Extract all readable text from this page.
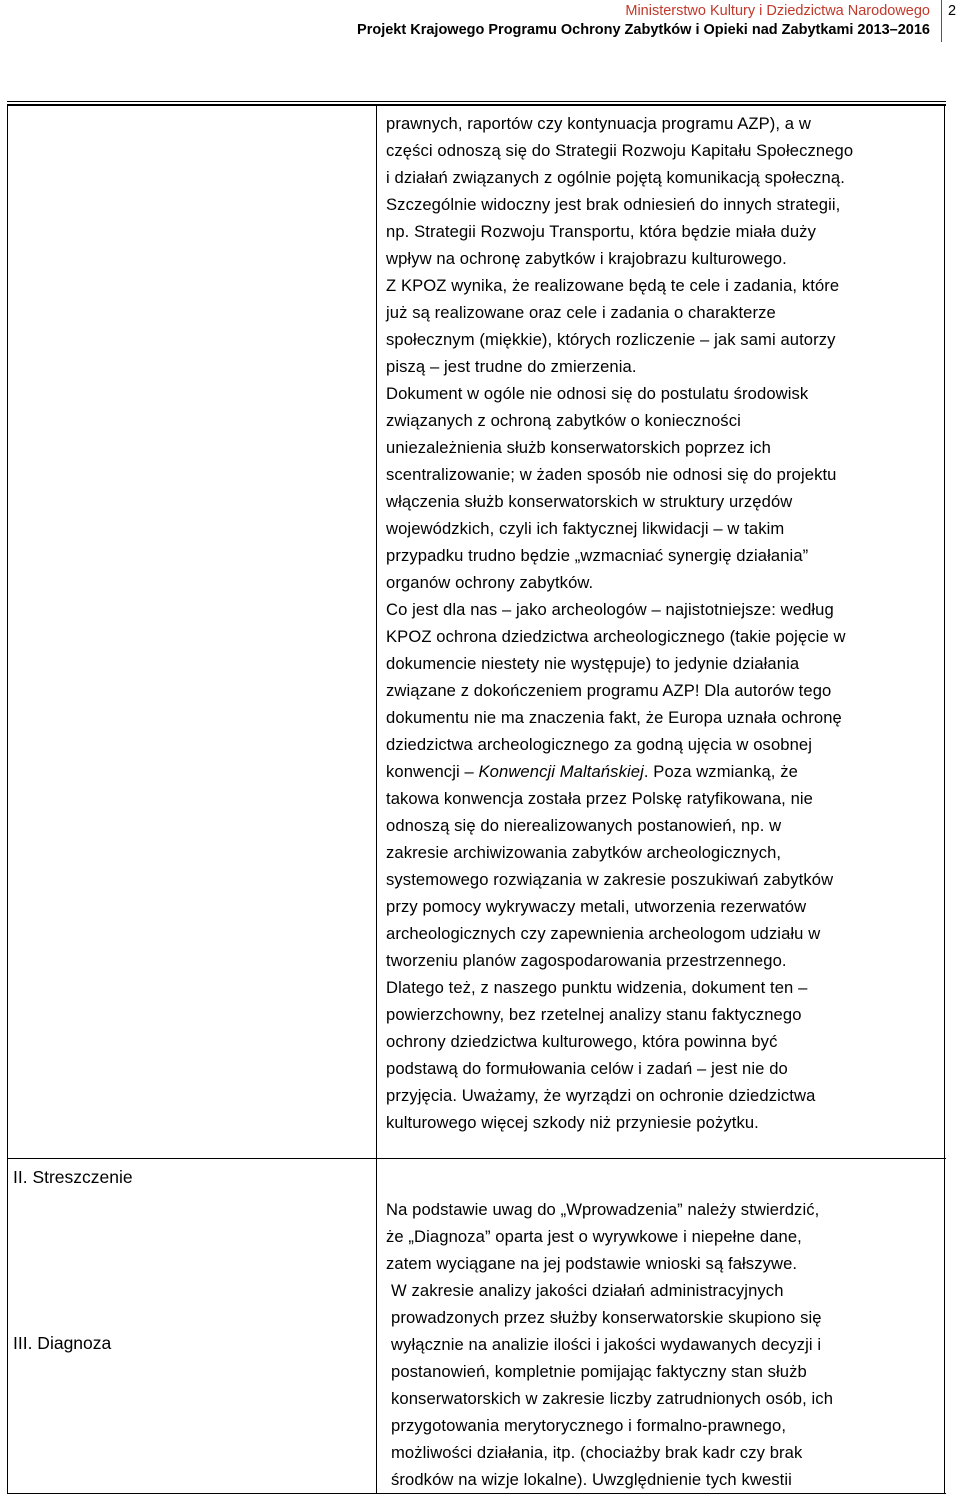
Ministerstwo Kultury i Dziedzictwa Narodowego
Projekt Krajowego Programu Ochrony Zabytków i Opieki nad Zabytkami 2013–2016
2

prawnych, raportów czy kontynuacja programu AZP), a w

części odnoszą się do Strategii Rozwoju Kapitału Społecznego

i działań związanych z ogólnie pojętą komunikacją społeczną.

Szczególnie widoczny jest brak odniesień do innych strategii,

np. Strategii Rozwoju Transportu, która będzie miała duży

wpływ na ochronę zabytków i krajobrazu kulturowego.

Z KPOZ wynika, że realizowane będą te cele i zadania, które

już są realizowane oraz cele i zadania o charakterze

społecznym (miękkie), których rozliczenie – jak sami autorzy

piszą – jest trudne do zmierzenia.

Dokument w ogóle nie odnosi się do postulatu środowisk

związanych z ochroną zabytków o konieczności

uniezależnienia służb konserwatorskich poprzez ich

scentralizowanie; w żaden sposób nie odnosi się do projektu

włączenia służb konserwatorskich w struktury urzędów

wojewódzkich, czyli ich faktycznej likwidacji – w takim

przypadku trudno będzie „wzmacniać synergię działania”

organów ochrony zabytków.

Co jest dla nas – jako archeologów – najistotniejsze: według

KPOZ ochrona dziedzictwa archeologicznego (takie pojęcie w

dokumencie niestety nie występuje) to jedynie działania

związane z dokończeniem programu AZP! Dla autorów tego

dokumentu nie ma znaczenia fakt, że Europa uznała ochronę

dziedzictwa archeologicznego za godną ujęcia w osobnej

konwencji – Konwencji Maltańskiej. Poza wzmianką, że

takowa konwencja została przez Polskę ratyfikowana, nie

odnoszą się do nierealizowanych postanowień, np. w

zakresie archiwizowania zabytków archeologicznych,

systemowego rozwiązania w zakresie poszukiwań zabytków

przy pomocy wykrywaczy metali, utworzenia rezerwatów

archeologicznych czy zapewnienia archeologom udziału w

tworzeniu planów zagospodarowania przestrzennego.

Dlatego też, z naszego punktu widzenia, dokument ten –

powierzchowny, bez rzetelnej analizy stanu faktycznego

ochrony dziedzictwa kulturowego, która powinna być

podstawą do formułowania celów i zadań – jest nie do

przyjęcia. Uważamy, że wyrządzi on ochronie dziedzictwa

kulturowego więcej szkody niż przyniesie pożytku.

II. Streszczenie
III. Diagnoza

Na podstawie uwag do „Wprowadzenia” należy stwierdzić,

że „Diagnoza” oparta jest o wyrywkowe i niepełne dane,

zatem wyciągane na jej podstawie wnioski są fałszywe.

W zakresie analizy jakości działań administracyjnych

prowadzonych przez służby konserwatorskie skupiono się

wyłącznie na analizie ilości i jakości wydawanych decyzji i

postanowień, kompletnie pomijając faktyczny stan służb

konserwatorskich w zakresie liczby zatrudnionych osób, ich

przygotowania merytorycznego i formalno-prawnego,

możliwości działania, itp. (chociażby brak kadr czy brak

środków na wizje lokalne). Uwzględnienie tych kwestii
